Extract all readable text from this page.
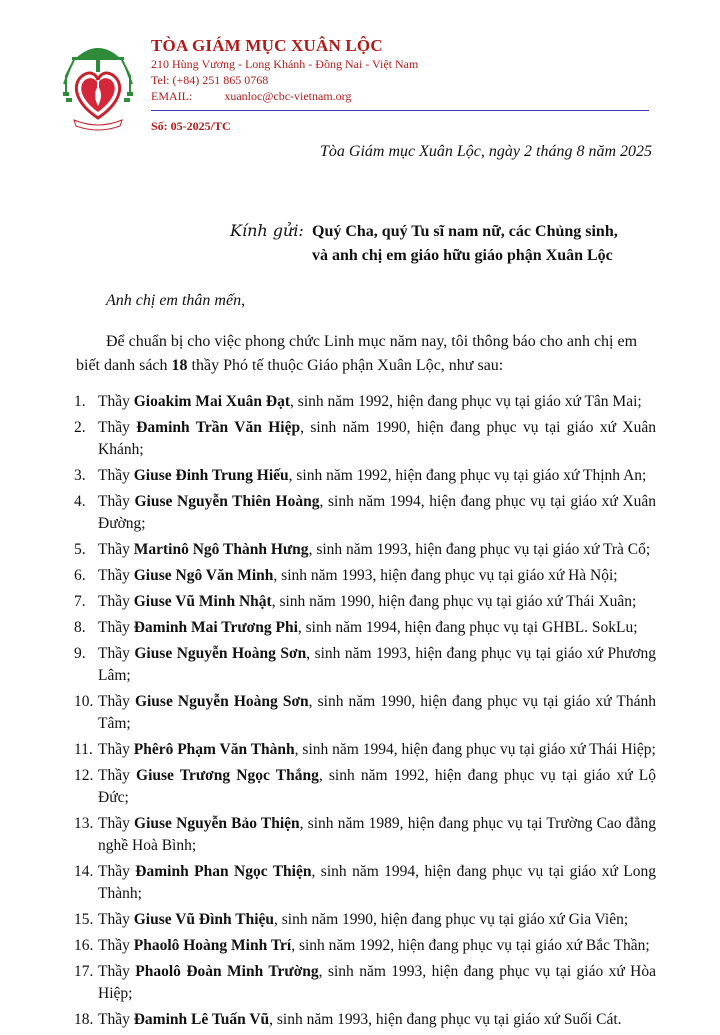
TÒA GIÁM MỤC XUÂN LỘC
210 Hùng Vương - Long Khánh - Đồng Nai - Việt Nam
Tel: (+84) 251 865 0768
EMAIL:	xuanloc@cbc-vietnam.org
Số: 05-2025/TC
Tòa Giám mục Xuân Lộc, ngày 2 tháng 8 năm 2025
Kính gửi: Quý Cha, quý Tu sĩ nam nữ, các Chủng sinh,
và anh chị em giáo hữu giáo phận Xuân Lộc
Anh chị em thân mến,
Để chuẩn bị cho việc phong chức Linh mục năm nay, tôi thông báo cho anh chị em biết danh sách 18 thầy Phó tế thuộc Giáo phận Xuân Lộc, như sau:
1. Thầy Gioakim Mai Xuân Đạt, sinh năm 1992, hiện đang phục vụ tại giáo xứ Tân Mai;
2. Thầy Đaminh Trần Văn Hiệp, sinh năm 1990, hiện đang phục vụ tại giáo xứ Xuân Khánh;
3. Thầy Giuse Đinh Trung Hiếu, sinh năm 1992, hiện đang phục vụ tại giáo xứ Thịnh An;
4. Thầy Giuse Nguyễn Thiên Hoàng, sinh năm 1994, hiện đang phục vụ tại giáo xứ Xuân Đường;
5. Thầy Martinô Ngô Thành Hưng, sinh năm 1993, hiện đang phục vụ tại giáo xứ Trà Cổ;
6. Thầy Giuse Ngô Văn Minh, sinh năm 1993, hiện đang phục vụ tại giáo xứ Hà Nội;
7. Thầy Giuse Vũ Minh Nhật, sinh năm 1990, hiện đang phục vụ tại giáo xứ Thái Xuân;
8. Thầy Đaminh Mai Trương Phi, sinh năm 1994, hiện đang phục vụ tại GHBL. SokLu;
9. Thầy Giuse Nguyễn Hoàng Sơn, sinh năm 1993, hiện đang phục vụ tại giáo xứ Phương Lâm;
10. Thầy Giuse Nguyễn Hoàng Sơn, sinh năm 1990, hiện đang phục vụ tại giáo xứ Thánh Tâm;
11. Thầy Phêrô Phạm Văn Thành, sinh năm 1994, hiện đang phục vụ tại giáo xứ Thái Hiệp;
12. Thầy Giuse Trương Ngọc Thắng, sinh năm 1992, hiện đang phục vụ tại giáo xứ Lộ Đức;
13. Thầy Giuse Nguyễn Bảo Thiện, sinh năm 1989, hiện đang phục vụ tại Trường Cao đẳng nghề Hoà Bình;
14. Thầy Đaminh Phan Ngọc Thiện, sinh năm 1994, hiện đang phục vụ tại giáo xứ Long Thành;
15. Thầy Giuse Vũ Đình Thiệu, sinh năm 1990, hiện đang phục vụ tại giáo xứ Gia Viên;
16. Thầy Phaolô Hoàng Minh Trí, sinh năm 1992, hiện đang phục vụ tại giáo xứ Bắc Thần;
17. Thầy Phaolô Đoàn Minh Trường, sinh năm 1993, hiện đang phục vụ tại giáo xứ Hòa Hiệp;
18. Thầy Đaminh Lê Tuấn Vũ, sinh năm 1993, hiện đang phục vụ tại giáo xứ Suối Cát.
